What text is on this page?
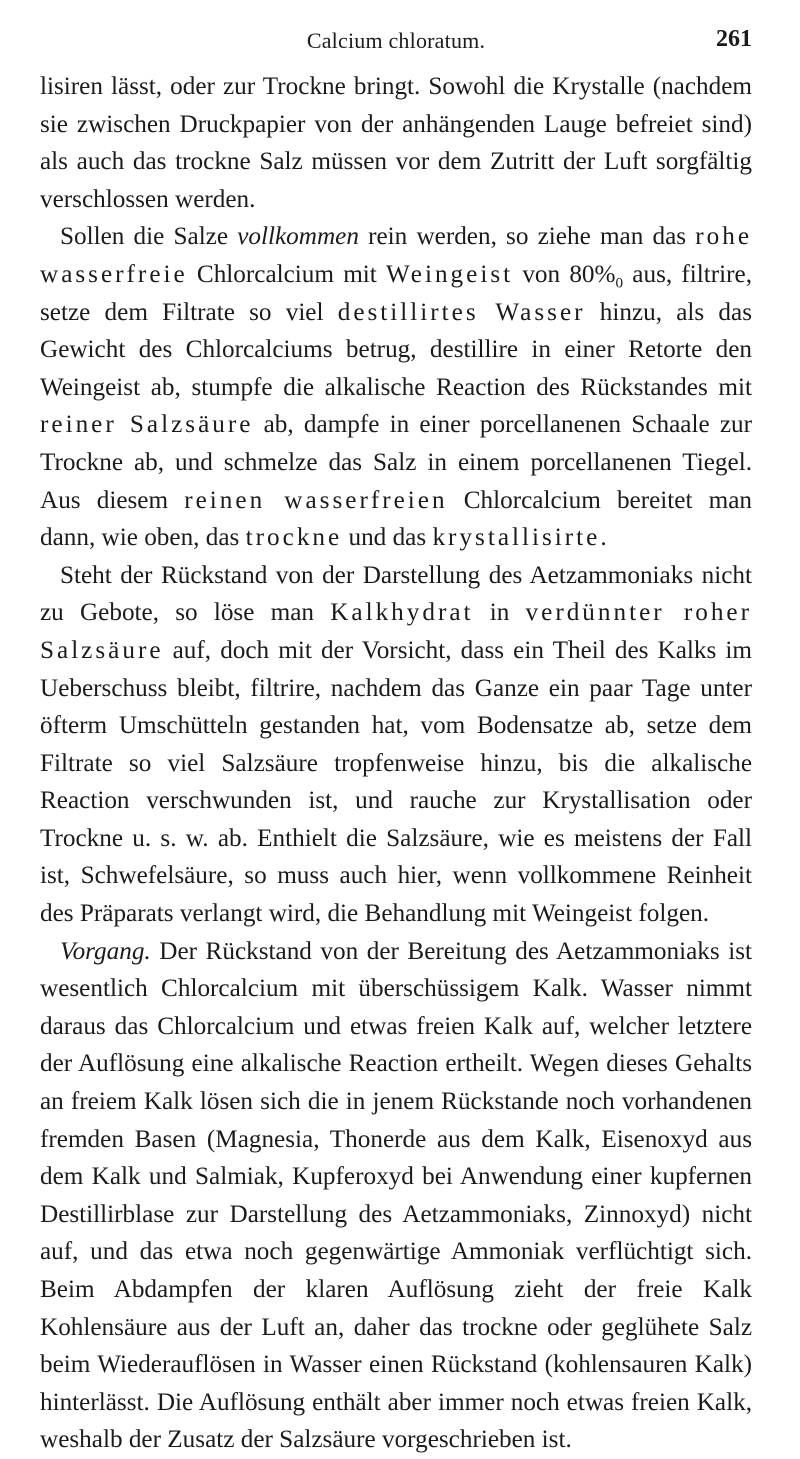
Calcium chloratum.	261

lisiren lässt, oder zur Trockne bringt. Sowohl die Krystalle (nachdem sie zwischen Druckpapier von der anhängenden Lauge befreiet sind) als auch das trockne Salz müssen vor dem Zutritt der Luft sorgfältig verschlossen werden.

Sollen die Salze vollkommen rein werden, so ziehe man das rohe wasserfreie Chlorcalcium mit Weingeist von $80\%_0$ aus, filtrire, setze dem Filtrate so viel destillirtes Wasser hinzu, als das Gewicht des Chlorcalciums betrug, destillire in einer Retorte den Weingeist ab, stumpfe die alkalische Reaction des Rückstandes mit reiner Salzsäure ab, dampfe in einer porcellanenen Schaale zur Trockne ab, und schmelze das Salz in einem porcellanenen Tiegel. Aus diesem reinen wasserfreien Chlorcalcium bereitet man dann, wie oben, das trockne und das krystallisirte.

Steht der Rückstand von der Darstellung des Aetzammoniaks nicht zu Gebote, so löse man Kalkhydrat in verdünnter roher Salzsäure auf, doch mit der Vorsicht, dass ein Theil des Kalks im Ueberschuss bleibt, filtrire, nachdem das Ganze ein paar Tage unter öfterm Umschütteln gestanden hat, vom Bodensatze ab, setze dem Filtrate so viel Salzsäure tropfenweise hinzu, bis die alkalische Reaction verschwunden ist, und rauche zur Krystallisation oder Trockne u. s. w. ab. Enthielt die Salzsäure, wie es meistens der Fall ist, Schwefelsäure, so muss auch hier, wenn vollkommene Reinheit des Präparats verlangt wird, die Behandlung mit Weingeist folgen.

Vorgang. Der Rückstand von der Bereitung des Aetzammoniaks ist wesentlich Chlorcalcium mit überschüssigem Kalk. Wasser nimmt daraus das Chlorcalcium und etwas freien Kalk auf, welcher letztere der Auflösung eine alkalische Reaction ertheilt. Wegen dieses Gehalts an freiem Kalk lösen sich die in jenem Rückstande noch vorhandenen fremden Basen (Magnesia, Thonerde aus dem Kalk, Eisenoxyd aus dem Kalk und Salmiak, Kupferoxyd bei Anwendung einer kupfernen Destillirblase zur Darstellung des Aetzammoniaks, Zinnoxyd) nicht auf, und das etwa noch gegenwärtige Ammoniak verflüchtigt sich. Beim Abdampfen der klaren Auflösung zieht der freie Kalk Kohlensäure aus der Luft an, daher das trockne oder geglühete Salz beim Wiederauflösen in Wasser einen Rückstand (kohlensauren Kalk) hinterlässt. Die Auflösung enthält aber immer noch etwas freien Kalk, weshalb der Zusatz der Salzsäure vorgeschrieben ist.
